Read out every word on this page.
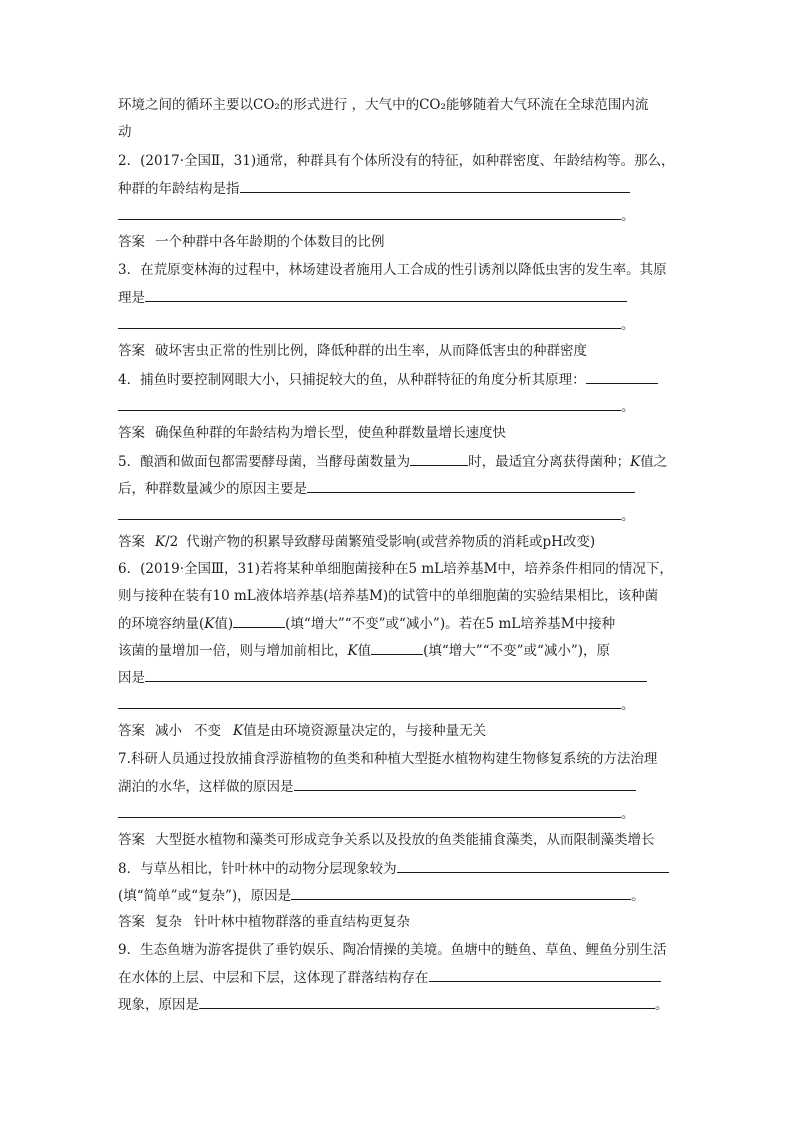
环境之间的循环主要以CO₂的形式进行 ，大气中的CO₂能够随着大气环流在全球范围内流
动
2．(2017·全国Ⅱ，31)通常，种群具有个体所没有的特征，如种群密度、年龄结构等。那么，
种群的年龄结构是指
。
答案 一个种群中各年龄期的个体数目的比例
3．在荒原变林海的过程中，林场建设者施用人工合成的性引诱剂以降低虫害的发生率。其原
理是
。
答案 破坏害虫正常的性别比例，降低种群的出生率，从而降低害虫的种群密度
4．捕鱼时要控制网眼大小，只捕捉较大的鱼，从种群特征的角度分析其原理：
。
答案 确保鱼种群的年龄结构为增长型，使鱼种群数量增长速度快
5．酿酒和做面包都需要酵母菌，当酵母菌数量为	时，最适宜分离获得菌种；K值之
后，种群数量减少的原因主要是
。
答案 K/2 代谢产物的积累导致酵母菌繁殖受影响(或营养物质的消耗或pH改变)
6．(2019·全国Ⅲ，31)若将某种单细胞菌接种在5 mL培养基M中，培养条件相同的情况下，
则与接种在装有10 mL液体培养基(培养基M)的试管中的单细胞菌的实验结果相比，该种菌
的环境容纳量(K值)	(填“增大”“不变”或“减小”)。若在5 mL培养基M中接种
该菌的量增加一倍，则与增加前相比，K值	(填“增大”“不变”或“减小”)，原
因是
。
答案 减小 不变 K值是由环境资源量决定的，与接种量无关
7.科研人员通过投放捕食浮游植物的鱼类和种植大型挺水植物构建生物修复系统的方法治理
湖泊的水华，这样做的原因是
。
答案 大型挺水植物和藻类可形成竞争关系以及投放的鱼类能捕食藻类，从而限制藻类增长
8．与草丛相比，针叶林中的动物分层现象较为
(填“简单”或“复杂”)，原因是	。
答案 复杂 针叶林中植物群落的垂直结构更复杂
9．生态鱼塘为游客提供了垂钓娱乐、陶冶情操的美境。鱼塘中的鲢鱼、草鱼、鲤鱼分别生活
在水体的上层、中层和下层，这体现了群落结构存在
现象，原因是	。
